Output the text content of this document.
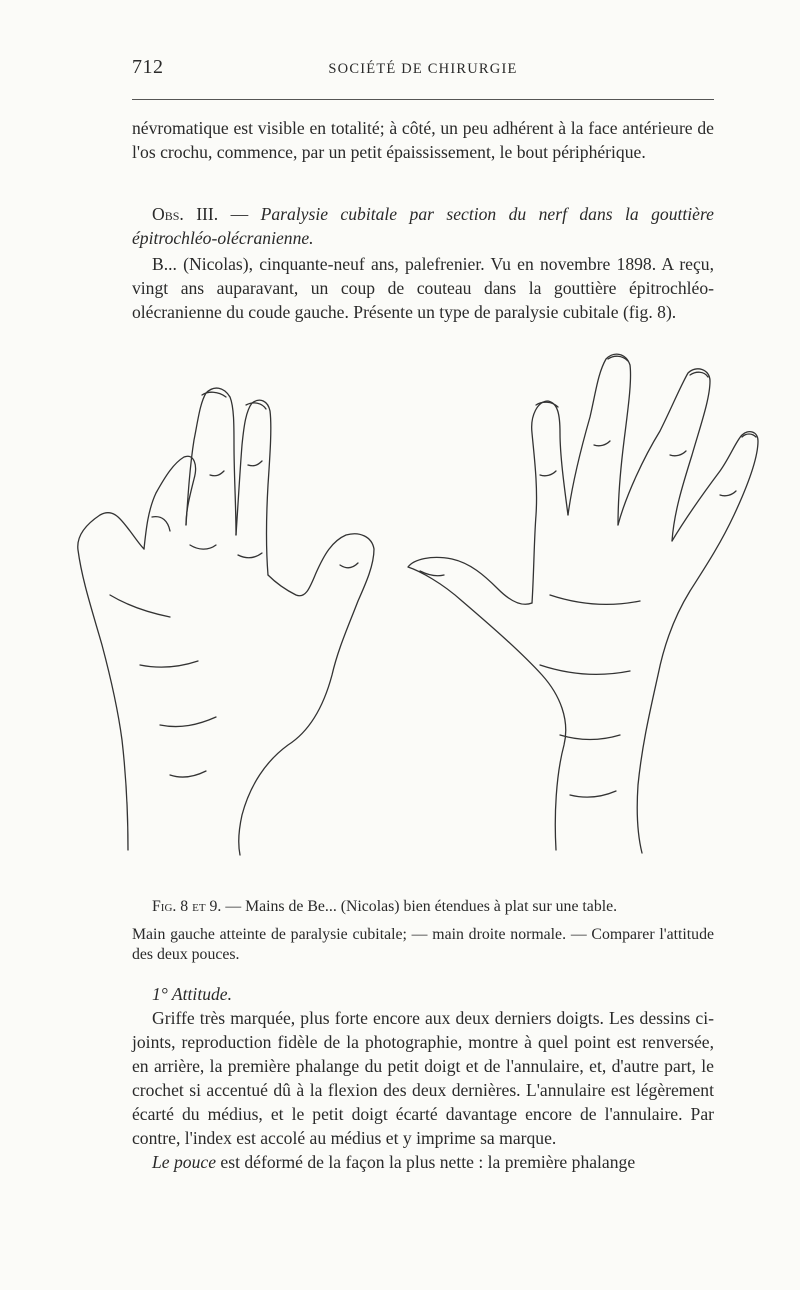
712	SOCIÉTÉ DE CHIRURGIE

névromatique est visible en totalité; à côté, un peu adhérent à la face antérieure de l'os crochu, commence, par un petit épaississement, le bout périphérique.

Obs. III. — Paralysie cubitale par section du nerf dans la gouttière épitrochléo-olécranienne.

B... (Nicolas), cinquante-neuf ans, palefrenier. Vu en novembre 1898. A reçu, vingt ans auparavant, un coup de couteau dans la gouttière épitrochléo-olécranienne du coude gauche. Présente un type de paralysie cubitale (fig. 8).

Fig. 8 et 9. — Mains de Be... (Nicolas) bien étendues à plat sur une table.

Main gauche atteinte de paralysie cubitale; — main droite normale. — Comparer l'attitude des deux pouces.

1° Attitude.

Griffe très marquée, plus forte encore aux deux derniers doigts. Les dessins ci-joints, reproduction fidèle de la photographie, montre à quel point est renversée, en arrière, la première phalange du petit doigt et de l'annulaire, et, d'autre part, le crochet si accentué dû à la flexion des deux dernières. L'annulaire est légèrement écarté du médius, et le petit doigt écarté davantage encore de l'annulaire. Par contre, l'index est accolé au médius et y imprime sa marque.

Le pouce est déformé de la façon la plus nette : la première phalange
